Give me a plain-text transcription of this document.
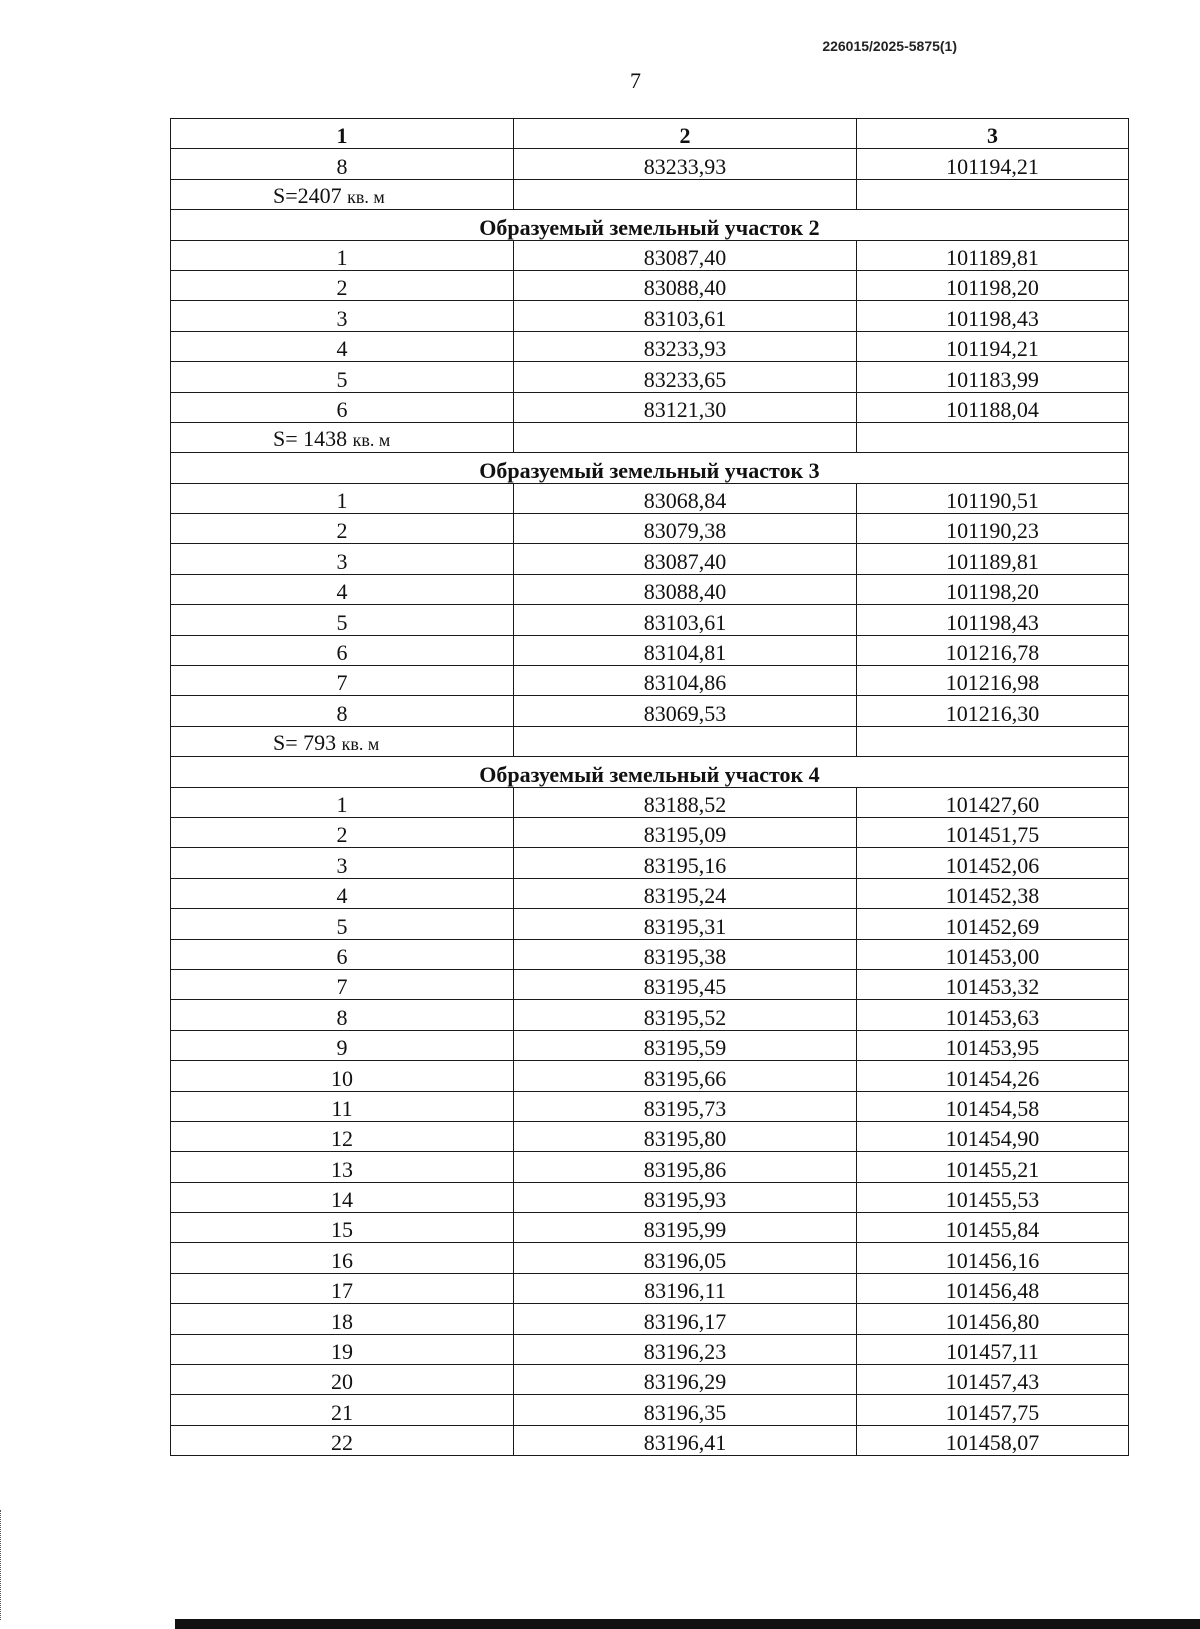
226015/2025-5875(1)
7
1	2	3
8	83233,93	101194,21
S=2407 кв. м		
Образуемый земельный участок 2		
1	83087,40	101189,81
2	83088,40	101198,20
3	83103,61	101198,43
4	83233,93	101194,21
5	83233,65	101183,99
6	83121,30	101188,04
S= 1438 кв. м		
Образуемый земельный участок 3		
1	83068,84	101190,51
2	83079,38	101190,23
3	83087,40	101189,81
4	83088,40	101198,20
5	83103,61	101198,43
6	83104,81	101216,78
7	83104,86	101216,98
8	83069,53	101216,30
S= 793 кв. м		
Образуемый земельный участок 4		
1	83188,52	101427,60
2	83195,09	101451,75
3	83195,16	101452,06
4	83195,24	101452,38
5	83195,31	101452,69
6	83195,38	101453,00
7	83195,45	101453,32
8	83195,52	101453,63
9	83195,59	101453,95
10	83195,66	101454,26
11	83195,73	101454,58
12	83195,80	101454,90
13	83195,86	101455,21
14	83195,93	101455,53
15	83195,99	101455,84
16	83196,05	101456,16
17	83196,11	101456,48
18	83196,17	101456,80
19	83196,23	101457,11
20	83196,29	101457,43
21	83196,35	101457,75
22	83196,41	101458,07
